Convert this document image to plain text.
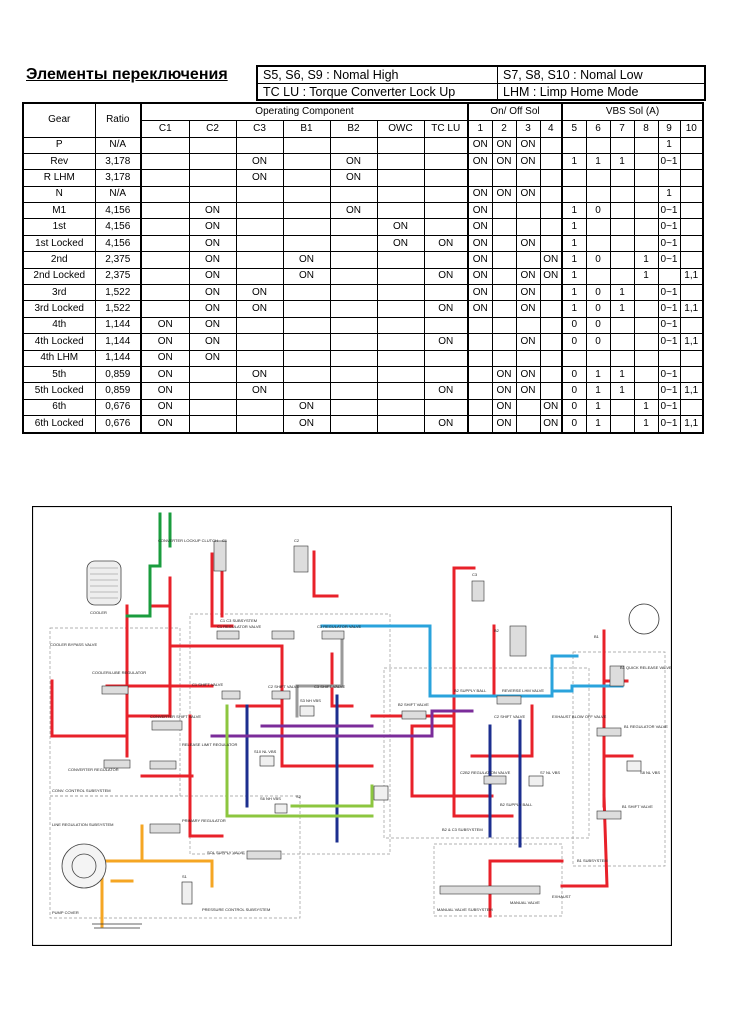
Элементы переключения	S5, S6, S9 : Nomal High	S7, S8, S10 : Nomal Low
TC LU : Torque Converter Lock Up	LHM : Limp Home Mode
Gear	Ratio	Operating Component							On/ Off Sol				VBS Sol (A)					
		C1	C2	C3	B1	B2	OWC	TC LU	1	2	3	4	5	6	7	8	9	10
P	N/A								ON	ON	ON						1	
Rev	3,178			ON		ON			ON	ON	ON		1	1	1		0~1	
R LHM	3,178			ON		ON												
N	N/A								ON	ON	ON						1	
M1	4,156		ON			ON			ON				1	0			0~1	
1st	4,156		ON				ON		ON				1				0~1	
1st Locked	4,156		ON				ON	ON	ON		ON		1				0~1	
2nd	2,375		ON		ON				ON			ON	1	0		1	0~1	
2nd Locked	2,375		ON		ON			ON	ON		ON	ON	1			1		1,1
3rd	1,522		ON	ON					ON		ON		1	0	1		0~1	
3rd Locked	1,522		ON	ON				ON	ON		ON		1	0	1		0~1	1,1
4th	1,144	ON	ON										0	0			0~1	
4th Locked	1,144	ON	ON					ON			ON		0	0			0~1	1,1
4th LHM	1,144	ON	ON															
5th	0,859	ON		ON						ON	ON		0	1	1		0~1	
5th Locked	0,859	ON		ON				ON		ON	ON		0	1	1		0~1	1,1
6th	0,676	ON			ON					ON		ON	0	1		1	0~1	
6th Locked	0,676	ON			ON			ON		ON		ON	0	1		1	0~1	1,1
CONVERTER LOCKUP CLUTCH
COOLER
COOLER BYPASS VALVE
COOLER/LUBE REGULATOR
CONVERTER SHIFT VALVE
RELEASE LIMIT REGULATOR
CONVERTER REGULATOR
CONV. CONTROL SUBSYSTEM
LINE REGULATION SUBSYSTEM
PRIMARY REGULATOR
SOL SUPPLY VALVE
PRESSURE CONTROL SUBSYSTEM
PUMP COVER
C1	C2
C3
B2
B1
C1 C3 SUBSYSTEM
C1 REGULATOR VALVE	C3 REGULATOR VALVE
C1 SHIFT VALVE	C2 SHIFT VALVE	C3 SHIFT VALVE
S3 NH VBS
S10 NL VBS
S6 NH VBS
B2 SHIFT VALVE
B2 SUPPLY BALL	REVERSE LHM VALVE
C2 SHIFT VALVE
C2B2 REGULATION VALVE	S7 NL VBS
B2 SUPPLY BALL
EXHAUST BLOW OFF VALVE
B2 & C3 SUBSYSTEM
MANUAL VALVE SUBSYSTEM
MANUAL VALVE
EXHAUST
B1 QUICK RELEASE VALVE
B1 REGULATOR VALVE
S8 NL VBS
B1 SHIFT VALVE
B1 SUBSYSTEM
S1
S2
